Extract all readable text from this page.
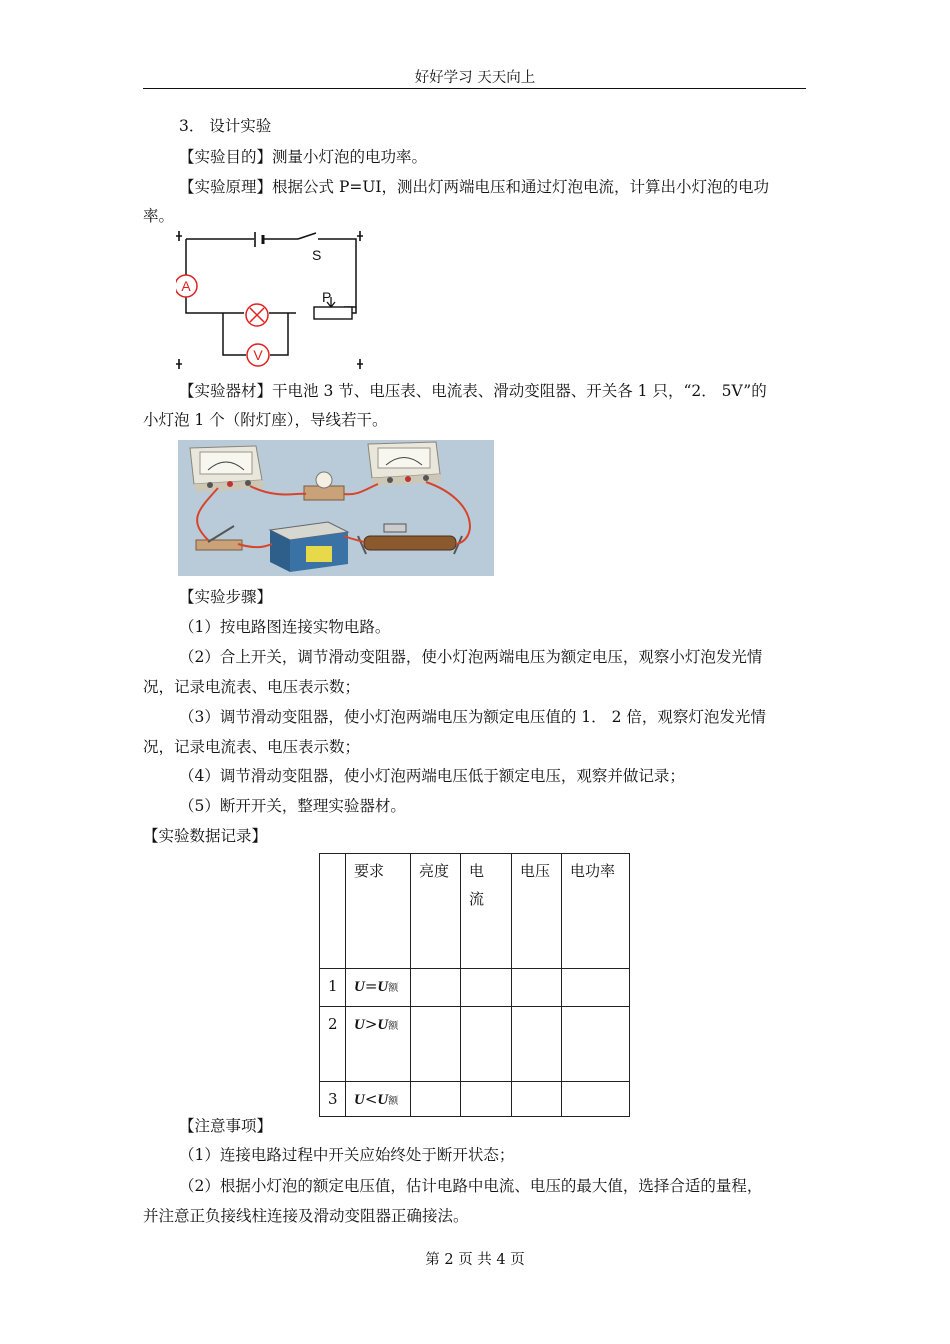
好好学习 天天向上
3． 设计实验
【实验目的】测量小灯泡的电功率。
【实验原理】根据公式 P=UI，测出灯两端电压和通过灯泡电流，计算出小灯泡的电功
率。
S
A
V
P
【实验器材】干电池 3 节、电压表、电流表、滑动变阻器、开关各 1 只，“2． 5V”的
小灯泡 1 个（附灯座），导线若干。
【实验步骤】
（1）按电路图连接实物电路。
（2）合上开关，调节滑动变阻器，使小灯泡两端电压为额定电压，观察小灯泡发光情
况，记录电流表、电压表示数；
（3）调节滑动变阻器，使小灯泡两端电压为额定电压值的 1． 2 倍，观察灯泡发光情
况，记录电流表、电压表示数；
（4）调节滑动变阻器，使小灯泡两端电压低于额定电压，观察并做记录；
（5）断开开关，整理实验器材。
【实验数据记录】
	要求	亮度	电流	电压	电功率
1	U=U额				
2	U>U额				
3	U<U额				
【注意事项】
（1）连接电路过程中开关应始终处于断开状态；
（2）根据小灯泡的额定电压值，估计电路中电流、电压的最大值，选择合适的量程，
并注意正负接线柱连接及滑动变阻器正确接法。
第 2 页 共 4 页
